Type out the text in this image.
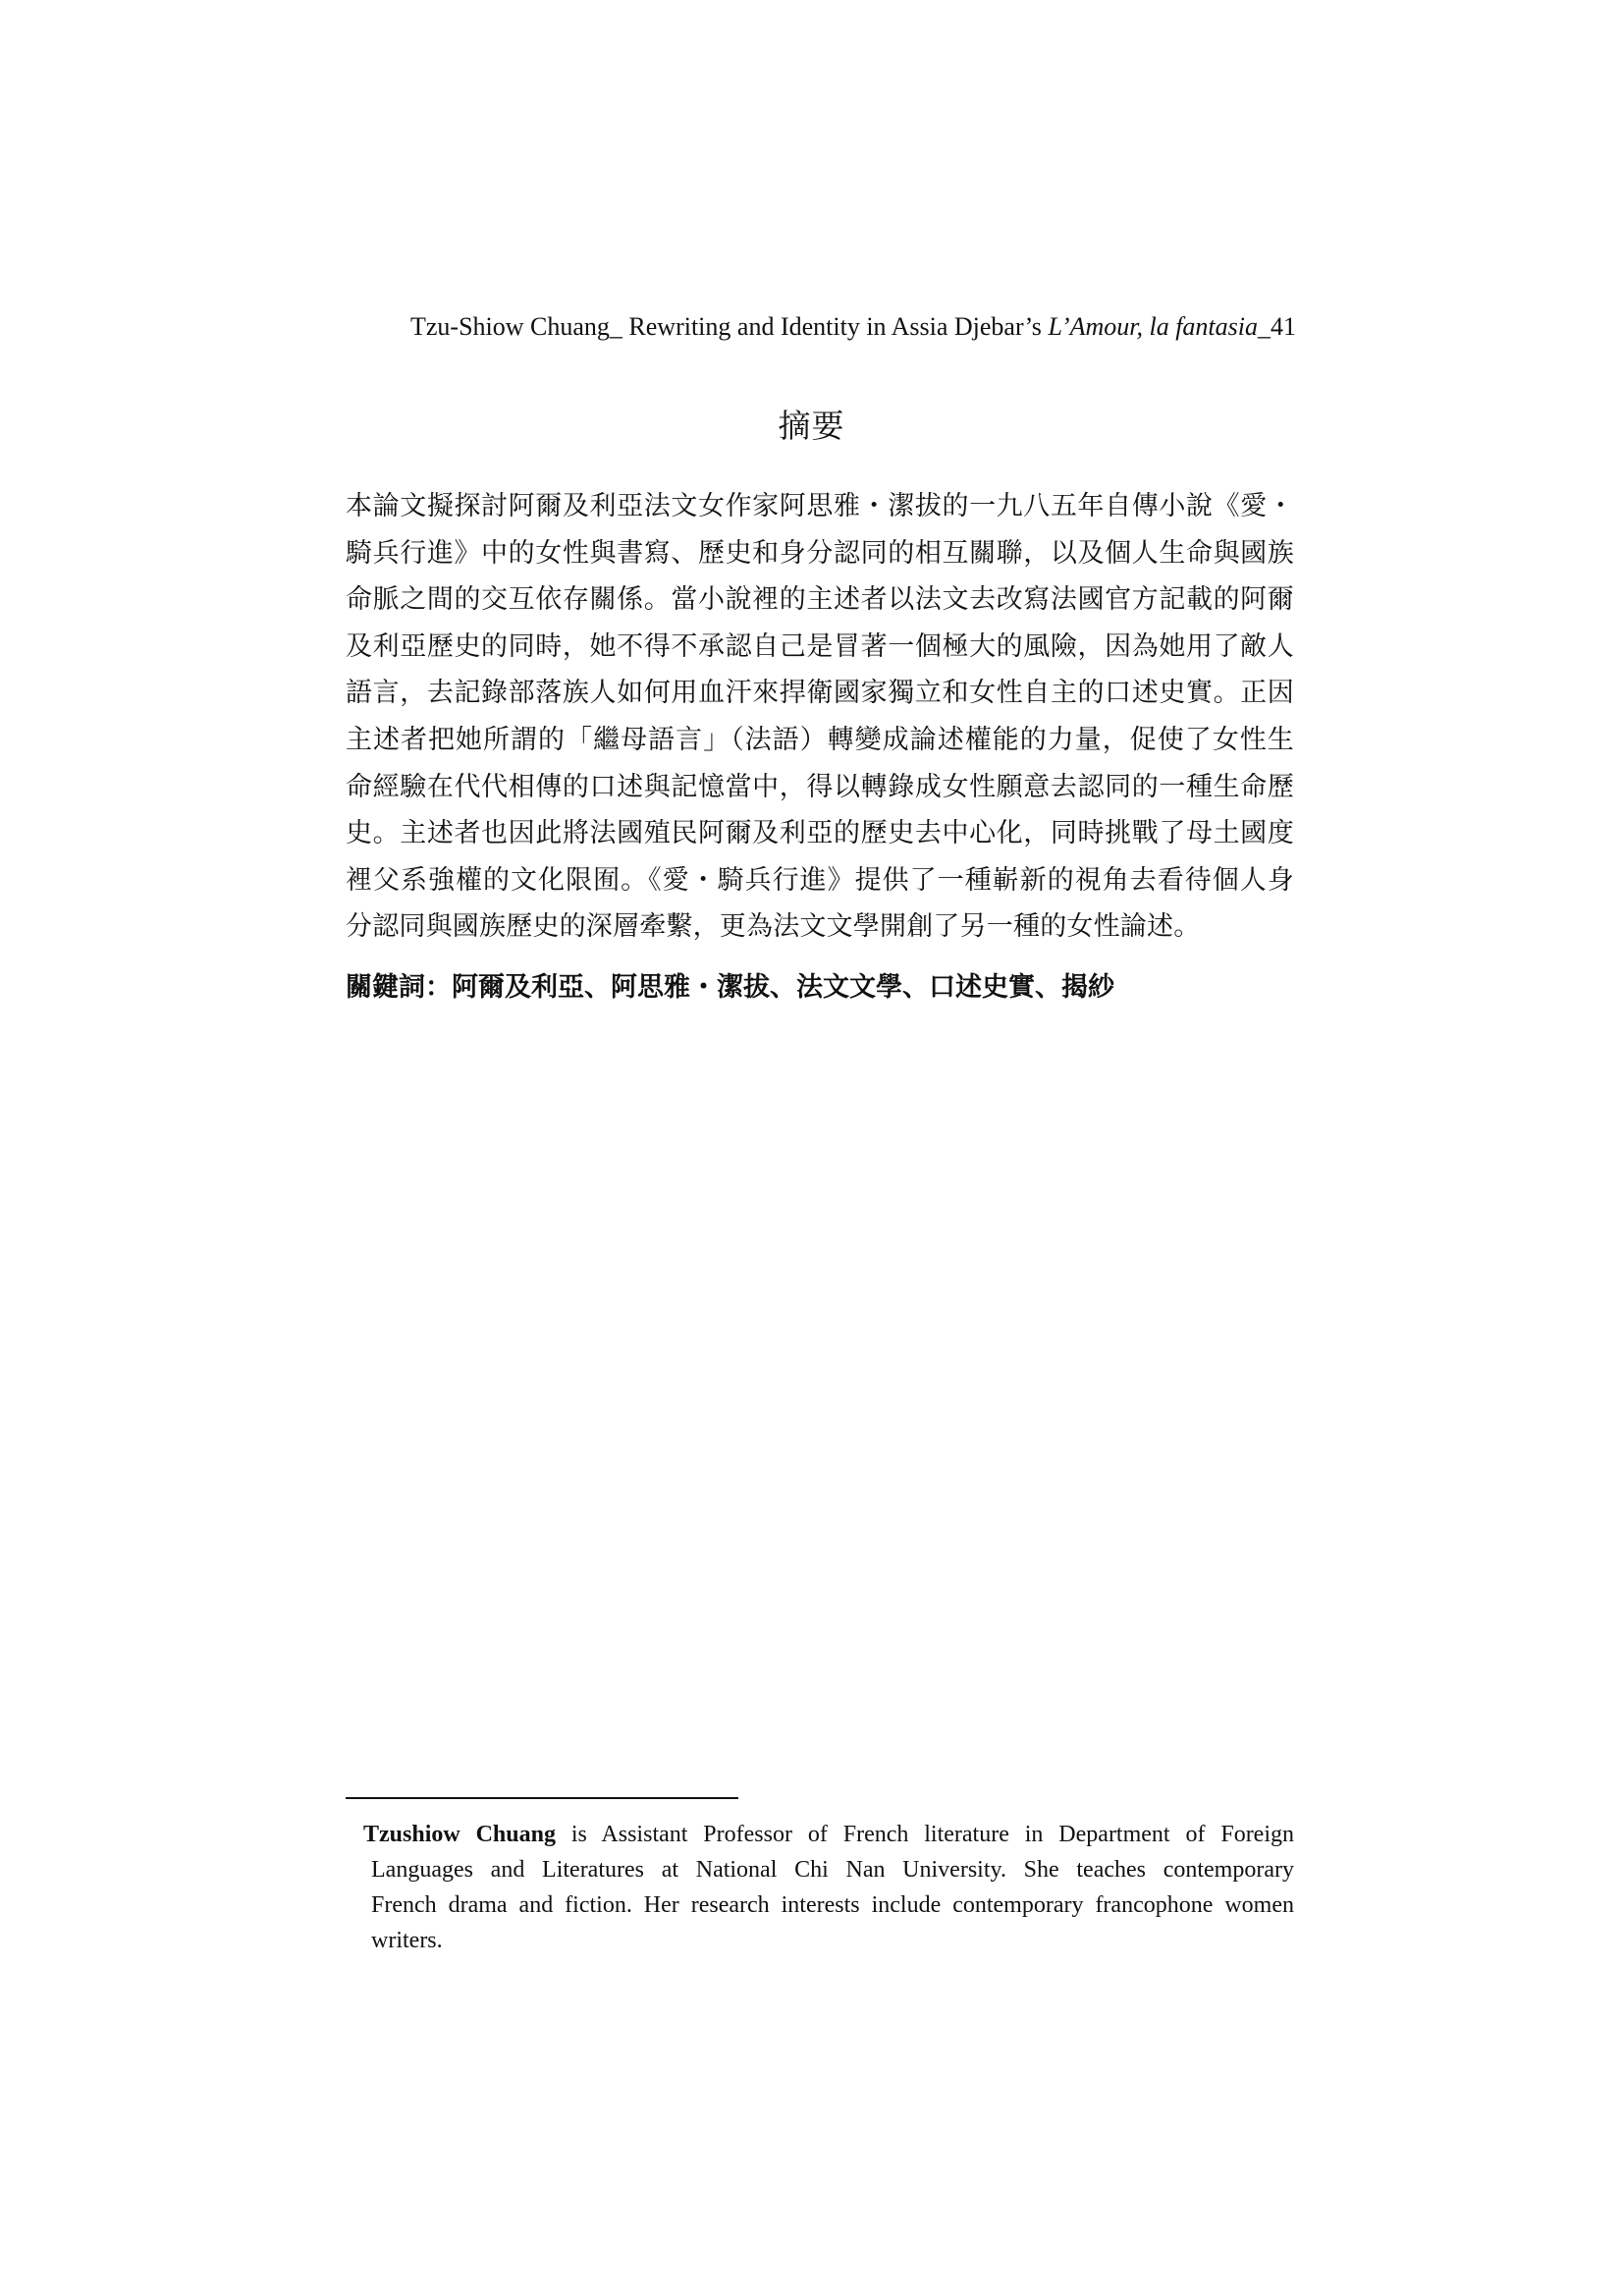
Tzu-Shiow Chuang_ Rewriting and Identity in Assia Djebar’s L’Amour, la fantasia_41
摘要
本論文擬探討阿爾及利亞法文女作家阿思雅・潔拔的一九八五年自傳小說《愛・
騎兵行進》中的女性與書寫、歷史和身分認同的相互關聯，以及個人生命與國族
命脈之間的交互依存關係。當小說裡的主述者以法文去改寫法國官方記載的阿爾
及利亞歷史的同時，她不得不承認自己是冒著一個極大的風險，因為她用了敵人
語言，去記錄部落族人如何用血汗來捍衛國家獨立和女性自主的口述史實。正因
主述者把她所謂的「繼母語言」（法語）轉變成論述權能的力量，促使了女性生
命經驗在代代相傳的口述與記憶當中，得以轉錄成女性願意去認同的一種生命歷
史。主述者也因此將法國殖民阿爾及利亞的歷史去中心化，同時挑戰了母土國度
裡父系強權的文化限囿。《愛・騎兵行進》提供了一種嶄新的視角去看待個人身
分認同與國族歷史的深層牽繫，更為法文文學開創了另一種的女性論述。
關鍵詞：阿爾及利亞、阿思雅・潔拔、法文文學、口述史實、揭紗
Tzushiow Chuang is Assistant Professor of French literature in Department of Foreign
Languages and Literatures at National Chi Nan University. She teaches contemporary
French drama and fiction. Her research interests include contemporary francophone women
writers.
